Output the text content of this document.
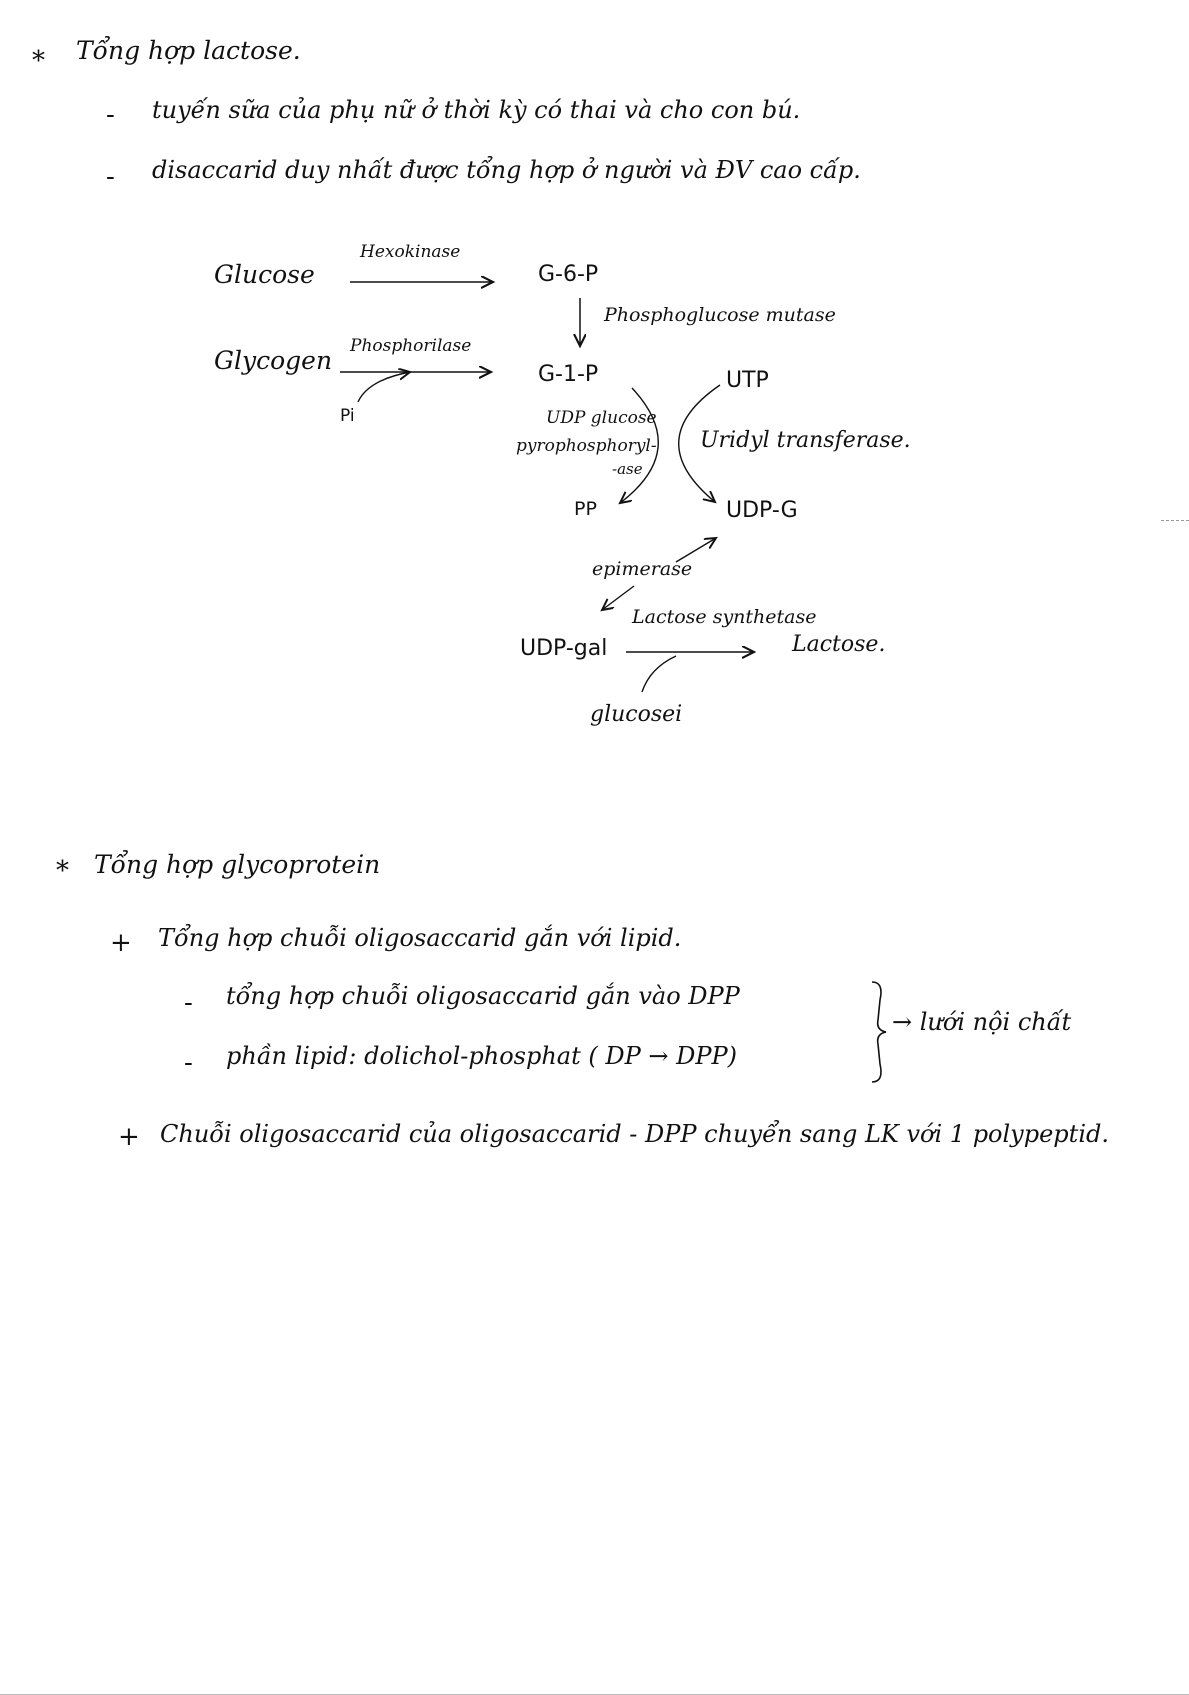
* Tổng hợp lactose.
- tuyến sữa của phụ nữ ở thời kỳ có thai và cho con bú.
- disaccarid duy nhất được tổng hợp ở người và ĐV cao cấp.
Glucose
Hexokinase
G-6-P
Phosphoglucose mutase
Glycogen Phosphorilase
Pi
G-1-P	UTP
UDP glucose
pyrophosphoryl-
-ase
Uridyl transferase.
PP	UDP-G
epimerase
Lactose synthetase
UDP-gal	Lactose.
glucosei
* Tổng hợp glycoprotein
+ Tổng hợp chuỗi oligosaccarid gắn với lipid.
- tổng hợp chuỗi oligosaccarid gắn vào DPP
- phần lipid: dolichol-phosphat ( DP → DPP)
→ lưới nội chất
+ Chuỗi oligosaccarid của oligosaccarid - DPP chuyển sang LK với 1 polypeptid.
